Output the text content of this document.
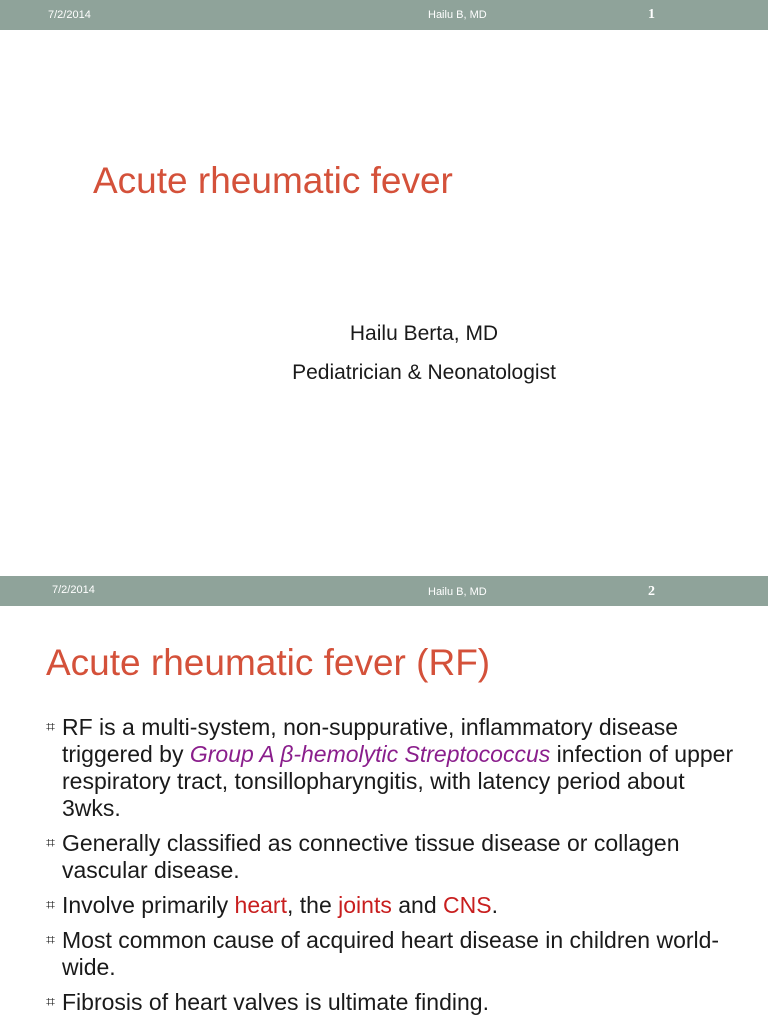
7/2/2014	Hailu B, MD	1
Acute rheumatic fever
Hailu Berta, MD
Pediatrician & Neonatologist
7/2/2014	Hailu B, MD	2
Acute rheumatic fever (RF)
⌗ RF is a multi-system, non-suppurative, inflammatory disease triggered by Group A β-hemolytic Streptococcus infection of upper respiratory tract, tonsillopharyngitis, with latency period about 3wks.
⌗ Generally classified as connective tissue disease or collagen vascular disease.
⌗ Involve primarily heart, the joints and CNS.
⌗ Most common cause of acquired heart disease in children world-wide.
⌗ Fibrosis of heart valves is ultimate finding.
